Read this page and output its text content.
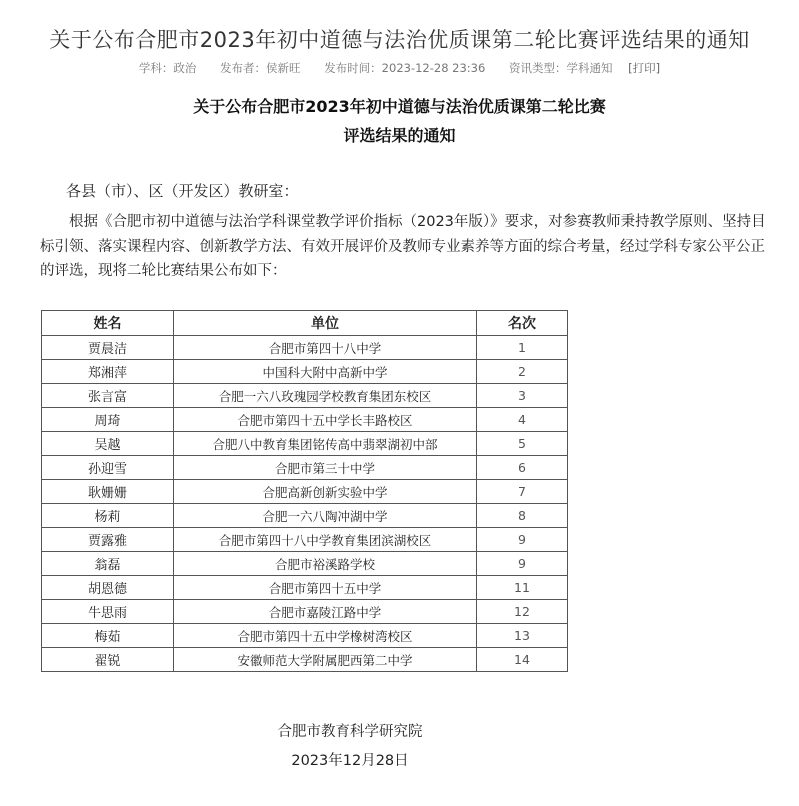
关于公布合肥市2023年初中道德与法治优质课第二轮比赛评选结果的通知
学科：政治 发布者：侯新旺 发布时间：2023-12-28 23:36 资讯类型：学科通知 [打印]
关于公布合肥市2023年初中道德与法治优质课第二轮比赛
评选结果的通知
各县（市）、区（开发区）教研室：
根据《合肥市初中道德与法治学科课堂教学评价指标（2023年版）》要求，对参赛教师秉持教学原则、坚持目标引领、落实课程内容、创新教学方法、有效开展评价及教师专业素养等方面的综合考量，经过学科专家公平公正的评选，现将二轮比赛结果公布如下：
姓名	单位	名次
贾晨洁	合肥市第四十八中学	1
郑湘萍	中国科大附中高新中学	2
张言富	合肥一六八玫瑰园学校教育集团东校区	3
周琦	合肥市第四十五中学长丰路校区	4
吴越	合肥八中教育集团铭传高中翡翠湖初中部	5
孙迎雪	合肥市第三十中学	6
耿姗姗	合肥高新创新实验中学	7
杨莉	合肥一六八陶冲湖中学	8
贾露雅	合肥市第四十八中学教育集团滨湖校区	9
翁磊	合肥市裕溪路学校	9
胡恩德	合肥市第四十五中学	11
牛思雨	合肥市嘉陵江路中学	12
梅茹	合肥市第四十五中学橡树湾校区	13
翟锐	安徽师范大学附属肥西第二中学	14
合肥市教育科学研究院
2023年12月28日
